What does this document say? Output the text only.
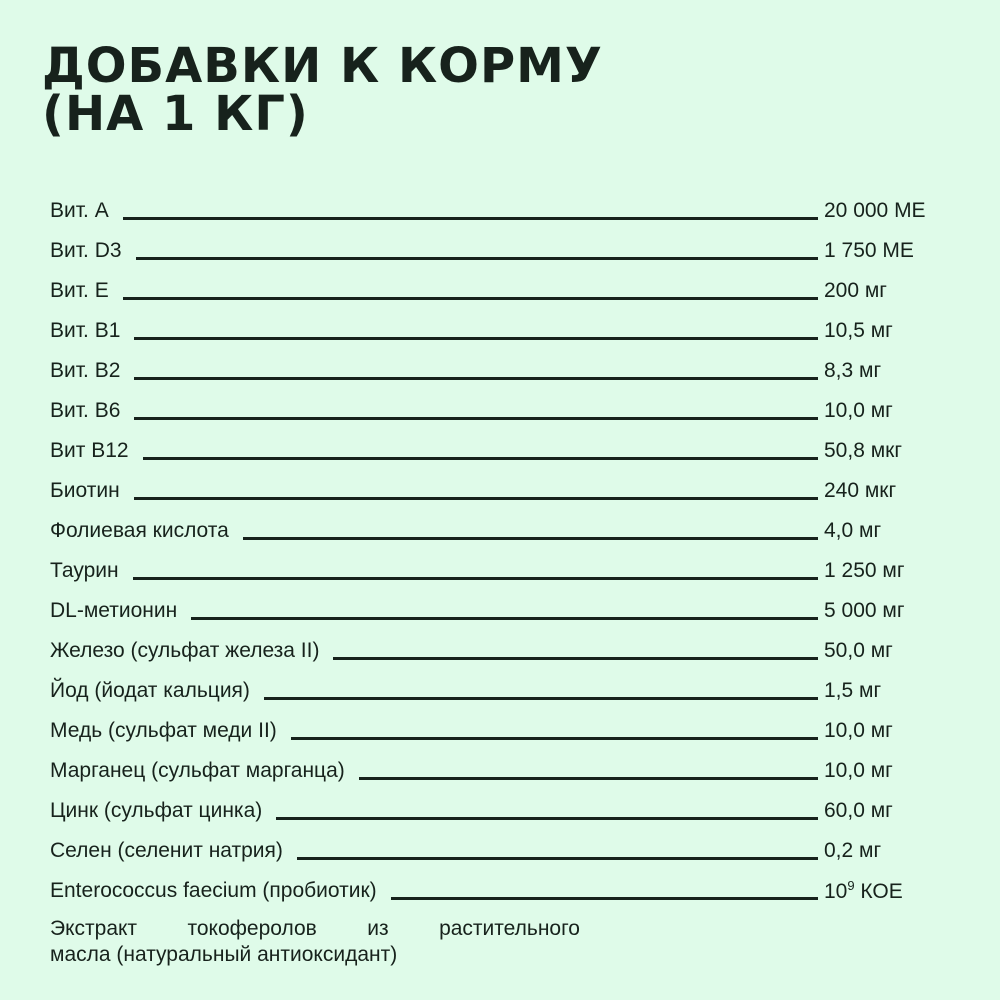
ДОБАВКИ К КОРМУ
(НА 1 КГ)
Вит. A	20 000 МЕ
Вит. D3	1 750 МЕ
Вит. E	200 мг
Вит. B1	10,5 мг
Вит. B2	8,3 мг
Вит. B6	10,0 мг
Вит B12	50,8 мкг
Биотин	240 мкг
Фолиевая кислота	4,0 мг
Таурин	1 250 мг
DL-метионин	5 000 мг
Железо (сульфат железа II)	50,0 мг
Йод (йодат кальция)	1,5 мг
Медь (сульфат меди II)	10,0 мг
Марганец (сульфат марганца)	10,0 мг
Цинк (сульфат цинка)	60,0 мг
Селен (селенит натрия)	0,2 мг
Enterococcus faecium (пробиотик)	$10^9$ КОЕ
Экстракт токоферолов из растительного
масла (натуральный антиоксидант)
